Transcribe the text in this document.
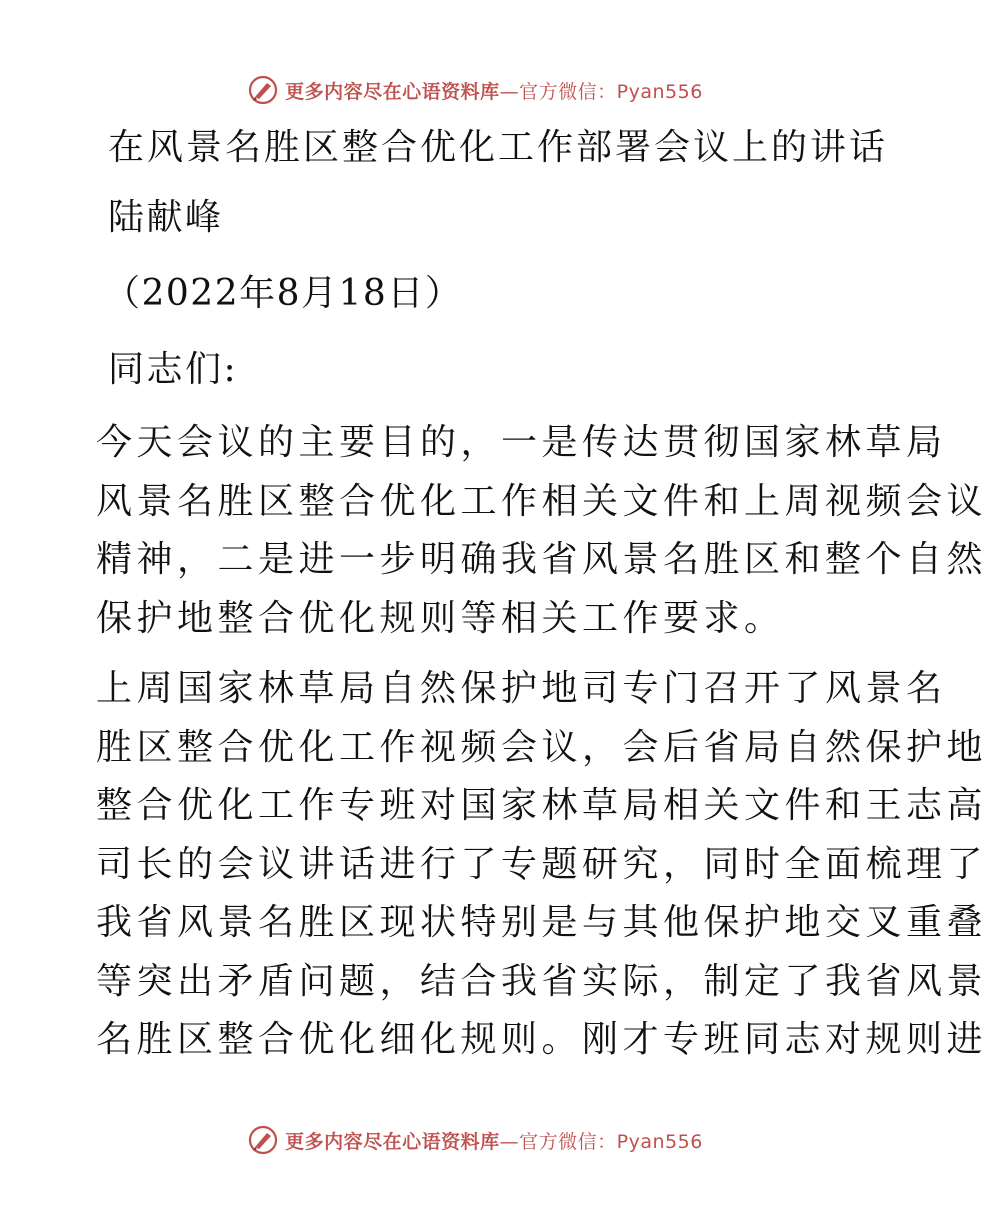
更多内容尽在心语资料库 —官方微信：Pyan556
在风景名胜区整合优化工作部署会议上的讲话
陆献峰
（2022年8月18日）
同志们:
今天会议的主要目的，一是传达贯彻国家林草局
风景名胜区整合优化工作相关文件和上周视频会议
精神，二是进一步明确我省风景名胜区和整个自然
保护地整合优化规则等相关工作要求。
上周国家林草局自然保护地司专门召开了风景名
胜区整合优化工作视频会议，会后省局自然保护地
整合优化工作专班对国家林草局相关文件和王志高
司长的会议讲话进行了专题研究，同时全面梳理了
我省风景名胜区现状特别是与其他保护地交叉重叠
等突出矛盾问题，结合我省实际，制定了我省风景
名胜区整合优化细化规则。刚才专班同志对规则进
更多内容尽在心语资料库 —官方微信：Pyan556
